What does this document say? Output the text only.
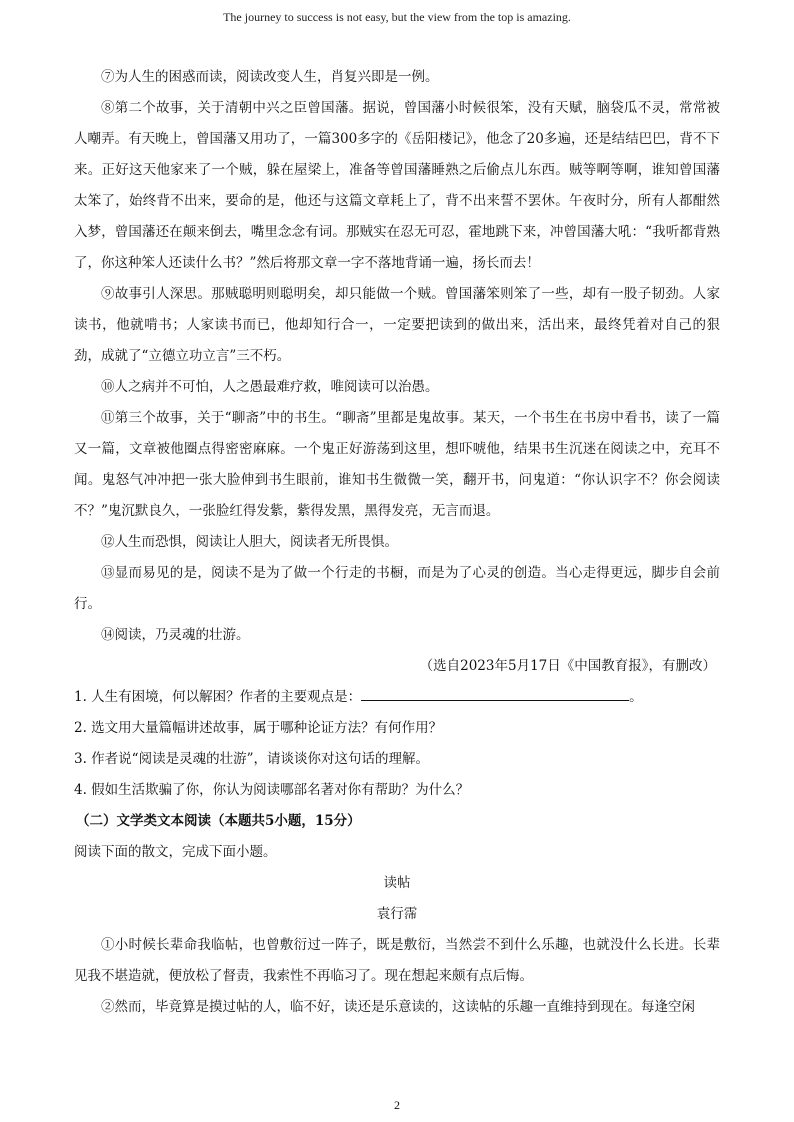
The journey to success is not easy, but the view from the top is amazing.

⑦为人生的困惑而读，阅读改变人生，肖复兴即是一例。

⑧第二个故事，关于清朝中兴之臣曾国藩。据说，曾国藩小时候很笨，没有天赋，脑袋瓜不灵，常常被人嘲弄。有天晚上，曾国藩又用功了，一篇300多字的《岳阳楼记》，他念了20多遍，还是结结巴巴，背不下来。正好这天他家来了一个贼，躲在屋梁上，准备等曾国藩睡熟之后偷点儿东西。贼等啊等啊，谁知曾国藩太笨了，始终背不出来，要命的是，他还与这篇文章耗上了，背不出来誓不罢休。午夜时分，所有人都酣然入梦，曾国藩还在颠来倒去，嘴里念念有词。那贼实在忍无可忍，霍地跳下来，冲曾国藩大吼：“我听都背熟了，你这种笨人还读什么书？”然后将那文章一字不落地背诵一遍，扬长而去！

⑨故事引人深思。那贼聪明则聪明矣，却只能做一个贼。曾国藩笨则笨了一些，却有一股子韧劲。人家读书，他就啃书；人家读书而已，他却知行合一，一定要把读到的做出来，活出来，最终凭着对自己的狠劲，成就了“立德立功立言”三不朽。

⑩人之病并不可怕，人之愚最难疗救，唯阅读可以治愚。

⑪第三个故事，关于“聊斋”中的书生。“聊斋”里都是鬼故事。某天，一个书生在书房中看书，读了一篇又一篇，文章被他圈点得密密麻麻。一个鬼正好游荡到这里，想吓唬他，结果书生沉迷在阅读之中，充耳不闻。鬼怒气冲冲把一张大脸伸到书生眼前，谁知书生微微一笑，翻开书，问鬼道：“你认识字不？你会阅读不？”鬼沉默良久，一张脸红得发紫，紫得发黑，黑得发亮，无言而退。

⑫人生而恐惧，阅读让人胆大，阅读者无所畏惧。

⑬显而易见的是，阅读不是为了做一个行走的书橱，而是为了心灵的创造。当心走得更远，脚步自会前行。

⑭阅读，乃灵魂的壮游。

（选自2023年5月17日《中国教育报》，有删改）

1. 人生有困境，何以解困？作者的主要观点是：	。

2. 选文用大量篇幅讲述故事，属于哪种论证方法？有何作用？

3. 作者说“阅读是灵魂的壮游”，请谈谈你对这句话的理解。

4. 假如生活欺骗了你，你认为阅读哪部名著对你有帮助？为什么？

（二）文学类文本阅读（本题共5小题，15分）

阅读下面的散文，完成下面小题。

读帖

袁行霈

①小时候长辈命我临帖，也曾敷衍过一阵子，既是敷衍，当然尝不到什么乐趣，也就没什么长进。长辈见我不堪造就，便放松了督责，我索性不再临习了。现在想起来颇有点后悔。

②然而，毕竟算是摸过帖的人，临不好，读还是乐意读的，这读帖的乐趣一直维持到现在。每逢空闲

2
